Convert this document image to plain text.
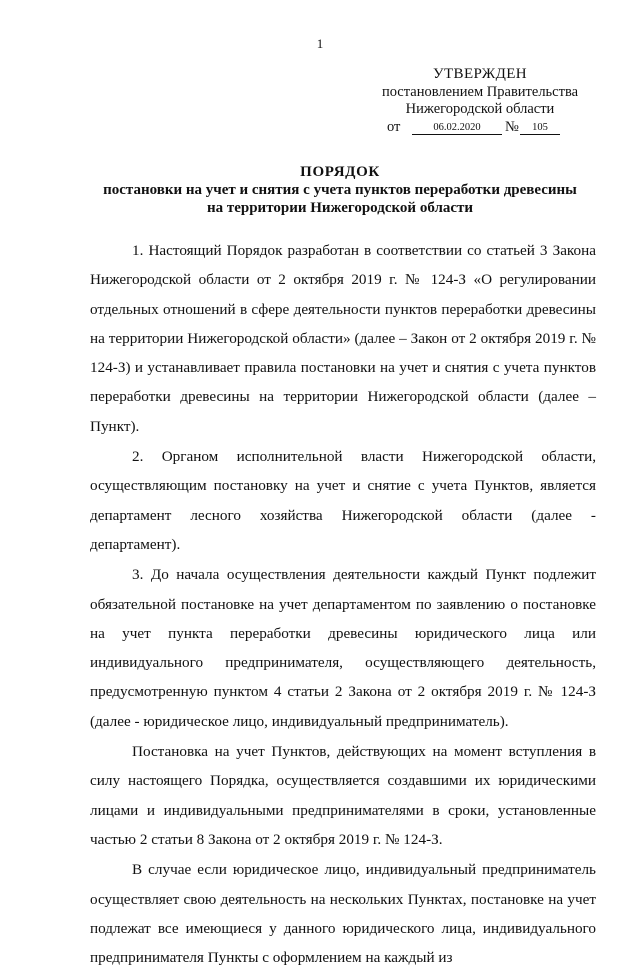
1
УТВЕРЖДЕН
постановлением Правительства
Нижегородской области
от	06.02.2020	№	105
ПОРЯДОК
постановки на учет и снятия с учета пунктов переработки древесины
на территории Нижегородской области

1. Настоящий Порядок разработан в соответствии со статьей 3 Закона Нижегородской области от 2 октября 2019 г. № 124-З «О регулировании отдельных отношений в сфере деятельности пунктов переработки древесины на территории Нижегородской области» (далее – Закон от 2 октября 2019 г. № 124-З) и устанавливает правила постановки на учет и снятия с учета пунктов переработки древесины на территории Нижегородской области (далее – Пункт).

2. Органом исполнительной власти Нижегородской области, осуществляющим постановку на учет и снятие с учета Пунктов, является департамент лесного хозяйства Нижегородской области (далее - департамент).

3. До начала осуществления деятельности каждый Пункт подлежит обязательной постановке на учет департаментом по заявлению о постановке на учет пункта переработки древесины юридического лица или индивидуального предпринимателя, осуществляющего деятельность, предусмотренную пунктом 4 статьи 2 Закона от 2 октября 2019 г. № 124-З (далее - юридическое лицо, индивидуальный предприниматель).

Постановка на учет Пунктов, действующих на момент вступления в силу настоящего Порядка, осуществляется создавшими их юридическими лицами и индивидуальными предпринимателями в сроки, установленные частью 2 статьи 8 Закона от 2 октября 2019 г. № 124-З.

В случае если юридическое лицо, индивидуальный предприниматель осуществляет свою деятельность на нескольких Пунктах, постановке на учет подлежат все имеющиеся у данного юридического лица, индивидуального предпринимателя Пункты с оформлением на каждый из
